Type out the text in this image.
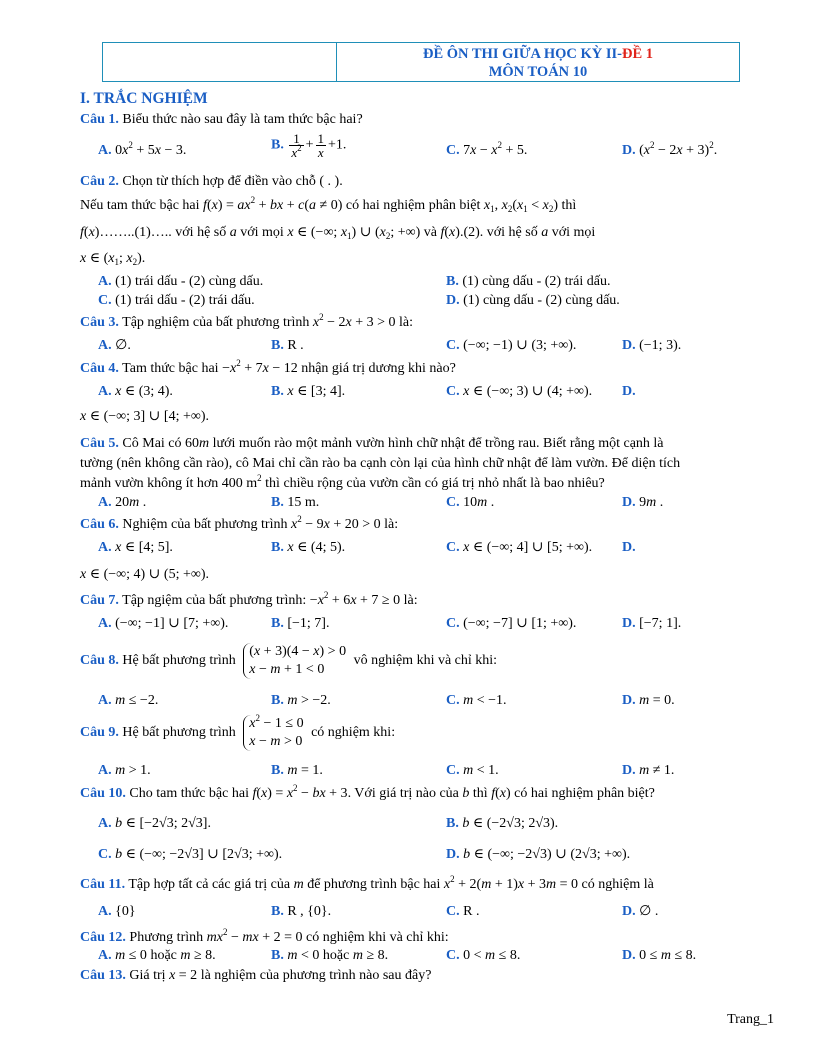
ĐỀ ÔN THI GIỮA HỌC KỲ II-ĐỀ 1
MÔN TOÁN 10
I. TRẮC NGHIỆM
Câu 1. Biểu thức nào sau đây là tam thức bậc hai?
A. $0x^2 + 5x - 3$.	B. $\frac{1}{x^2} + \frac{1}{x} +1$.	C. $7x - x^2 + 5$.	D. $(x^2 - 2x + 3)^2$.
Câu 2. Chọn từ thích hợp để điền vào chỗ ( . ).
Nếu tam thức bậc hai $f(x) = ax^2$ + bx + c(a ≠ 0) có hai nghiệm phân biệt $x_1$, $x_2(x_1 < x_2)$ thì
f(x)……..(1)….. với hệ số a với mọi x ∈ (−∞; $x_1$) ∪ ($x_2$; +∞) và f(x).(2). với hệ số a với mọi
x ∈ ($x_1$; $x_2$).
A. (1) trái dấu - (2) cùng dấu.	B. (1) cùng dấu - (2) trái dấu.
C. (1) trái dấu - (2) trái dấu.	D. (1) cùng dấu - (2) cùng dấu.
Câu 3. Tập nghiệm của bất phương trình $x^2 - 2x + 3 > 0$ là:
A. ∅.	B. R .	C. (−∞; −1) ∪ (3; +∞).	D. (−1; 3).
Câu 4. Tam thức bậc hai $-x^2 + 7x - 12$ nhận giá trị dương khi nào?
A. x ∈ (3; 4).	B. x ∈ [3; 4].	C. x ∈ (−∞; 3) ∪ (4; +∞). D.
x ∈ (−∞; 3] ∪ [4; +∞).
Câu 5. Cô Mai có 60m lưới muốn rào một mảnh vườn hình chữ nhật để trồng rau. Biết rằng một cạnh là
tường (nên không cần rào), cô Mai chỉ cần rào ba cạnh còn lại của hình chữ nhật để làm vườn. Để diện tích
mảnh vườn không ít hơn 400 $m^2$ thì chiều rộng của vườn cần có giá trị nhỏ nhất là bao nhiêu?
A. 20m .	B. 15 m.	C. 10m .	D. 9m .
Câu 6. Nghiệm của bất phương trình $x^2 - 9x + 20 > 0$ là:
A. x ∈ [4; 5].	B. x ∈ (4; 5).	C. x ∈ (−∞; 4] ∪ [5; +∞). D.
x ∈ (−∞; 4) ∪ (5; +∞).
Câu 7. Tập ngiệm của bất phương trình: $-x^2 + 6x + 7 \ge 0$ là:
A. (−∞; −1] ∪ [7; +∞).	B. [−1; 7].	C. (−∞; −7] ∪ [1; +∞).	D. [−7; 1].
Câu 8. Hệ bất phương trình (x + 3)(4 − x) > 0
x − m + 1 < 0 vô nghiệm khi và chỉ khi:
A. m ≤ −2.	B. m > −2.	C. m < −1.	D. m = 0.
Câu 9. Hệ bất phương trình $x^2 - 1 \le 0$
x − m > 0 có nghiệm khi:
A. m > 1.	B. m = 1.	C. m < 1.	D. m ≠ 1.
Câu 10. Cho tam thức bậc hai $f(x) = x^2$ − bx + 3. Với giá trị nào của b thì f(x) có hai nghiệm phân biệt?
A. b ∈ [−2√3; 2√3].	B. b ∈ (−2√3; 2√3).
C. b ∈ (−∞; −2√3] ∪ [2√3; +∞).	D. b ∈ (−∞; −2√3) ∪ (2√3; +∞).
Câu 11. Tập hợp tất cả các giá trị của m để phương trình bậc hai $x^2 + 2(m + 1)x + 3m = 0$ có nghiệm là
A. {0}	B. R , {0}.	C. R .	D. ∅ .
Câu 12. Phương trình $mx^2$ − mx + 2 = 0 có nghiệm khi và chỉ khi:
A. m ≤ 0 hoặc m ≥ 8.	B. m < 0 hoặc m ≥ 8.	C. 0 < m ≤ 8.	D. 0 ≤ m ≤ 8.
Câu 13. Giá trị x = 2 là nghiệm của phương trình nào sau đây?
Trang_1
